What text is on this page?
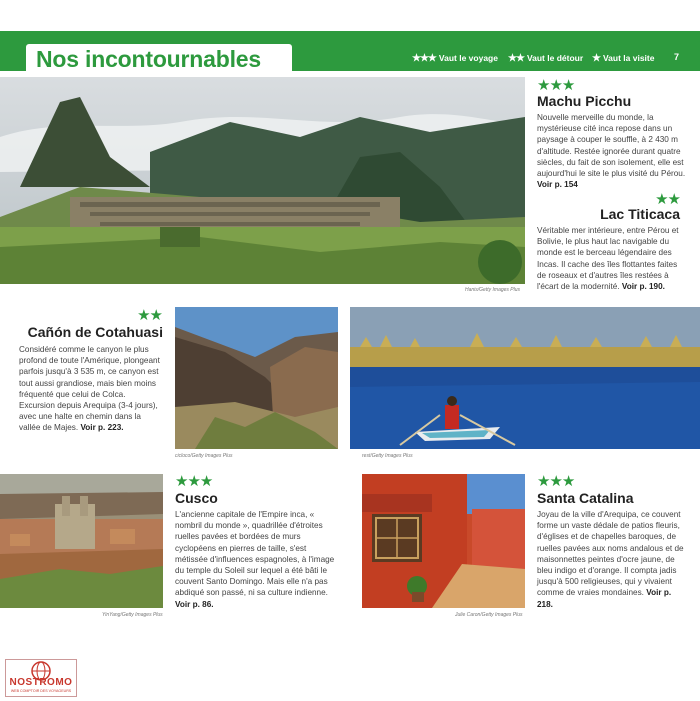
Nos incontournables	★★★ Vaut le voyage ★★ Vaut le détour ★ Vaut la visite 7
Hanis/Getty Images Plus
★★★
Machu Picchu
Nouvelle merveille du monde, la mystérieuse cité inca repose dans un paysage à couper le souffle, à 2 430 m d'altitude. Restée ignorée durant quatre siècles, du fait de son isolement, elle est aujourd'hui le site le plus visité du Pérou. Voir p. 154
★★
Lac Titicaca
Véritable mer intérieure, entre Pérou et Bolivie, le plus haut lac navigable du monde est le berceau légendaire des Incas. Il cache des îles flottantes faites de roseaux et d'autres îles restées à l'écart de la modernité. Voir p. 190.
★★
Cañón de Cotahuasi
Considéré comme le canyon le plus profond de toute l'Amérique, plongeant parfois jusqu'à 3 535 m, ce canyon est tout aussi grandiose, mais bien moins fréquenté que celui de Colca. Excursion depuis Arequipa (3-4 jours), avec une halte en chemin dans la vallée de Majes. Voir p. 223.
cicloco/Getty Images Plus	rest/Getty Images Plus
YinYang/Getty Images Plus
★★★
Cusco
L'ancienne capitale de l'Empire inca, « nombril du monde », quadrillée d'étroites ruelles pavées et bordées de murs cyclopéens en pierres de taille, s'est métissée d'influences espagnoles, à l'image du temple du Soleil sur lequel a été bâti le couvent Santo Domingo. Mais elle n'a pas abdiqué son passé, ni sa culture indienne. Voir p. 86.
Julie Caron/Getty Images Plus
★★★
Santa Catalina
Joyau de la ville d'Arequipa, ce couvent forme un vaste dédale de patios fleuris, d'églises et de chapelles baroques, de ruelles pavées aux noms andalous et de maisonnettes peintes d'ocre jaune, de bleu indigo et d'orange. Il compta jadis jusqu'à 500 religieuses, qui y vivaient comme de vraies mondaines. Voir p. 218.
NOSTROMO
WEB COMPTOIR DES VOYAGEURS
